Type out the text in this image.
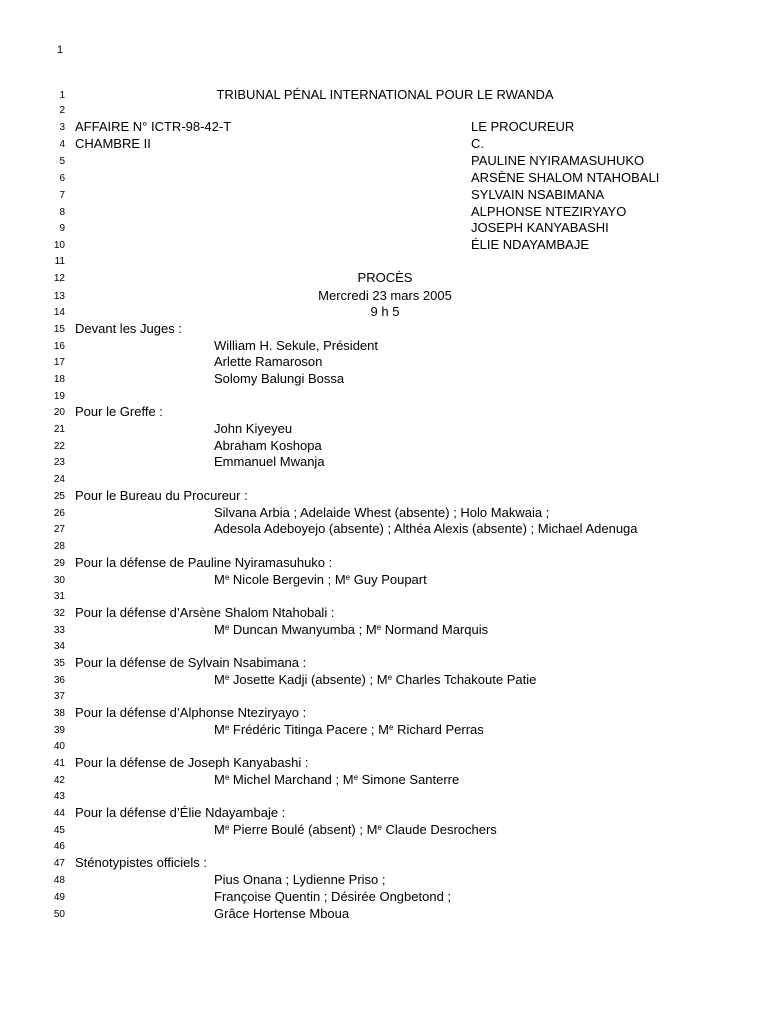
1
1	TRIBUNAL PÉNAL INTERNATIONAL POUR LE RWANDA
2
3 AFFAIRE N° ICTR-98-42-T	LE PROCUREUR
4 CHAMBRE II	C.
5	PAULINE NYIRAMASUHUKO
6	ARSÈNE SHALOM NTAHOBALI
7	SYLVAIN NSABIMANA
8	ALPHONSE NTEZIRYAYO
9	JOSEPH KANYABASHI
10	ÉLIE NDAYAMBAJE
11
12	PROCÈS
13	Mercredi 23 mars 2005
14	9 h 5
15 Devant les Juges :
16	William H. Sekule, Président
17	Arlette Ramaroson
18	Solomy Balungi Bossa
19
20 Pour le Greffe :
21	John Kiyeyeu
22	Abraham Koshopa
23	Emmanuel Mwanja
24
25 Pour le Bureau du Procureur :
26	Silvana Arbia ; Adelaide Whest (absente) ; Holo Makwaia ;
27	Adesola Adeboyejo (absente) ; Althéa Alexis (absente) ; Michael Adenuga
28
29 Pour la défense de Pauline Nyiramasuhuko :
30	Me Nicole Bergevin ; Me Guy Poupart
31
32 Pour la défense d’Arsène Shalom Ntahobali :
33	Me Duncan Mwanyumba ; Me Normand Marquis
34
35 Pour la défense de Sylvain Nsabimana :
36	Me Josette Kadji (absente) ; Me Charles Tchakoute Patie
37
38 Pour la défense d’Alphonse Nteziryayo :
39	Me Frédéric Titinga Pacere ; Me Richard Perras
40
41 Pour la défense de Joseph Kanyabashi :
42	Me Michel Marchand ; Me Simone Santerre
43
44 Pour la défense d’Élie Ndayambaje :
45	Me Pierre Boulé (absent) ; Me Claude Desrochers
46
47 Sténotypistes officiels :
48	Pius Onana ; Lydienne Priso ;
49	Françoise Quentin ; Désirée Ongbetond ;
50	Grâce Hortense Mboua
